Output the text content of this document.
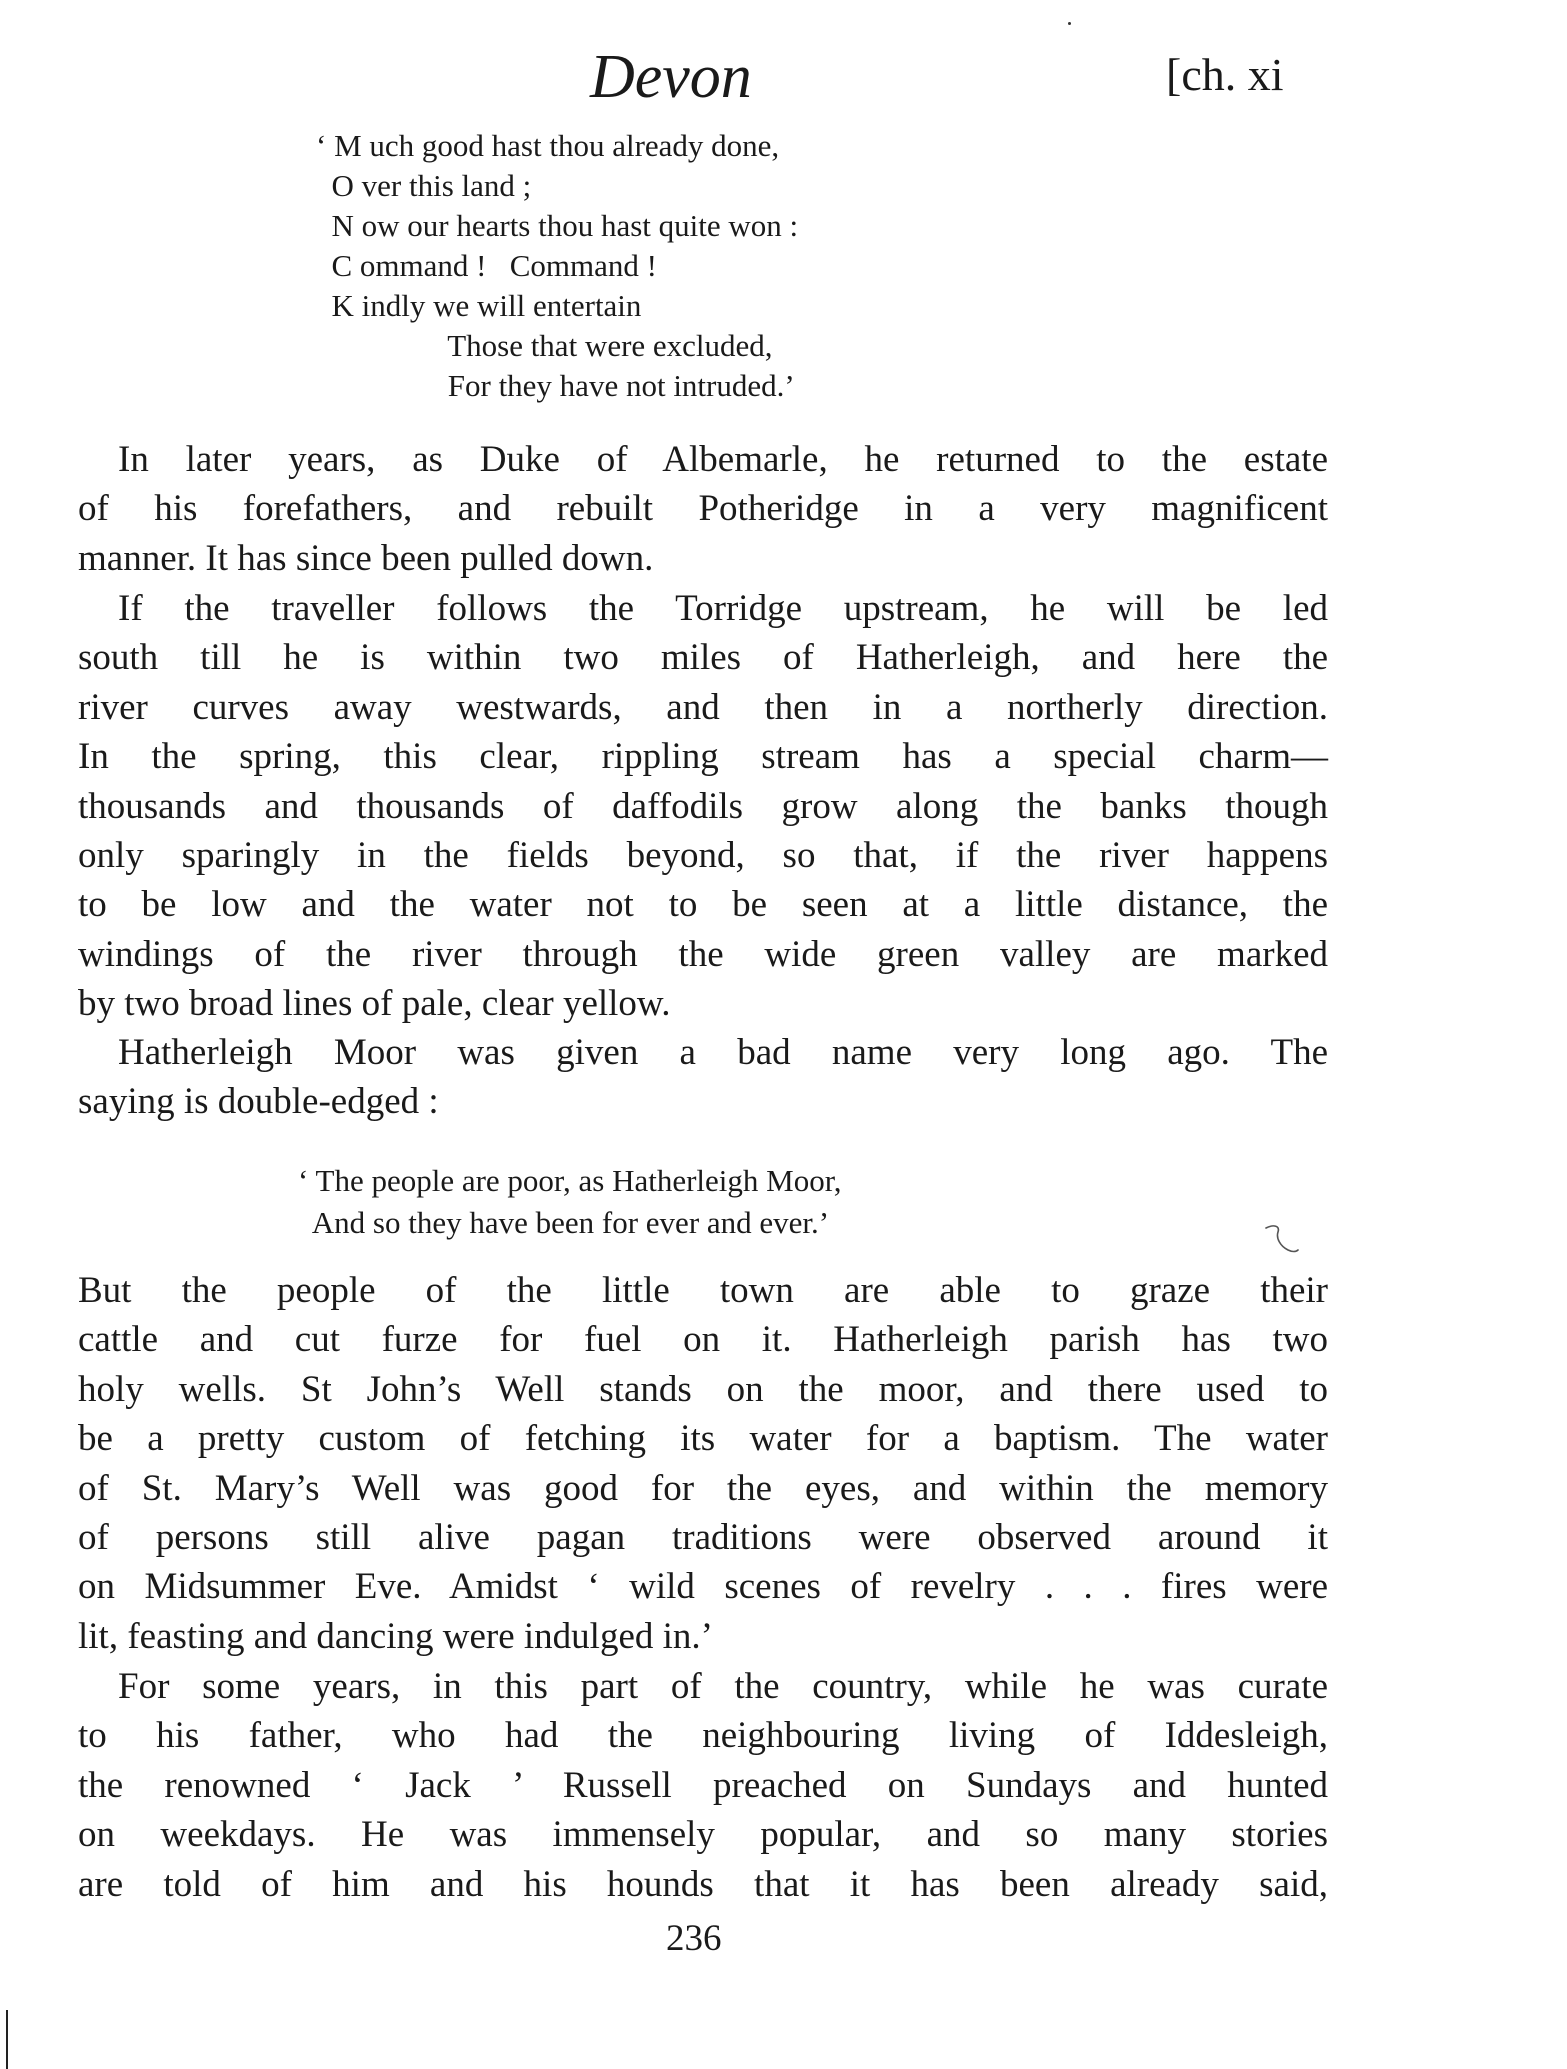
Devon	[ch. xi
‘ M uch good hast thou already done,
O ver this land ;
N ow our hearts thou hast quite won :
C ommand !   Command !
K indly we will entertain
Those that were excluded,
For they have not intruded.’
In later years, as Duke of Albemarle, he returned to the estate
of his forefathers, and rebuilt Potheridge in a very magnificent
manner. It has since been pulled down.
If the traveller follows the Torridge upstream, he will be led
south till he is within two miles of Hatherleigh, and here the
river curves away westwards, and then in a northerly direction.
In the spring, this clear, rippling stream has a special charm—
thousands and thousands of daffodils grow along the banks though
only sparingly in the fields beyond, so that, if the river happens
to be low and the water not to be seen at a little distance, the
windings of the river through the wide green valley are marked
by two broad lines of pale, clear yellow.
Hatherleigh Moor was given a bad name very long ago. The
saying is double-edged :
‘ The people are poor, as Hatherleigh Moor,
And so they have been for ever and ever.’
But the people of the little town are able to graze their
cattle and cut furze for fuel on it. Hatherleigh parish has two
holy wells. St John’s Well stands on the moor, and there used to
be a pretty custom of fetching its water for a baptism. The water
of St. Mary’s Well was good for the eyes, and within the memory
of persons still alive pagan traditions were observed around it
on Midsummer Eve. Amidst ‘ wild scenes of revelry . . . fires were
lit, feasting and dancing were indulged in.’
For some years, in this part of the country, while he was curate
to his father, who had the neighbouring living of Iddesleigh,
the renowned ‘ Jack ’ Russell preached on Sundays and hunted
on weekdays. He was immensely popular, and so many stories
are told of him and his hounds that it has been already said,
236
